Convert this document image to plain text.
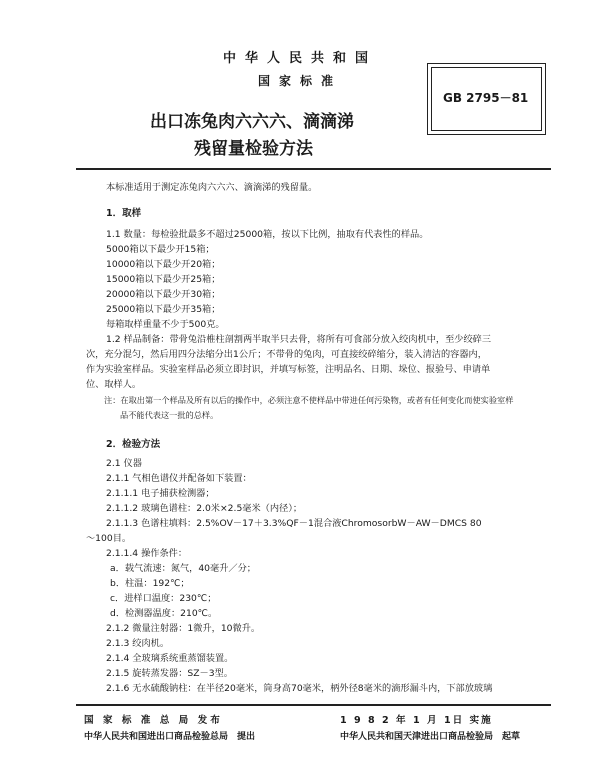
中华人民共和国
国家标准
出口冻兔肉六六六、滴滴涕
残留量检验方法
GB 2795－81
本标准适用于测定冻兔肉六六六、滴滴涕的残留量。
1．取样
1.1 数量：每检验批最多不超过25000箱，按以下比例，抽取有代表性的样品。
5000箱以下最少开15箱；
10000箱以下最少开20箱；
15000箱以下最少开25箱；
20000箱以下最少开30箱；
25000箱以下最少开35箱；
每箱取样重量不少于500克。
1.2 样品制备：带骨兔沿椎柱剖割两半取半只去骨，将所有可食部分放入绞肉机中，至少绞碎三
次，充分混匀，然后用四分法缩分出1公斤；不带骨的兔肉，可直接绞碎缩分，装入清洁的容器内，
作为实验室样品。实验室样品必须立即封识，并填写标签，注明品名、日期、垛位、报验号、申请单
位、取样人。
注：在取出第一个样品及所有以后的操作中，必须注意不使样品中带进任何污染物，或者有任何变化而使实验室样
品不能代表这一批的总样。
2．检验方法
2.1 仪器
2.1.1 气相色谱仪并配备如下装置：
2.1.1.1 电子捕获检测器；
2.1.1.2 玻璃色谱柱：2.0米×2.5毫米（内径）；
2.1.1.3 色谱柱填料：2.5%OV－17＋3.3%QF－1混合液ChromosorbW－AW－DMCS 80
～100目。
2.1.1.4 操作条件：
a．载气流速：氮气，40毫升／分；
b．柱温：192℃；
c．进样口温度：230℃；
d．检测器温度：210℃。
2.1.2 微量注射器：1微升，10微升。
2.1.3 绞肉机。
2.1.4 全玻璃系统重蒸馏装置。
2.1.5 旋转蒸发器：SZ－3型。
2.1.6 无水硫酸钠柱：在半径20毫米，筒身高70毫米，柄外径8毫米的滴形漏斗内，下部放玻璃
国 家 标 准 总 局 发布	1 9 8 2 年 1 月 1日 实施
中华人民共和国进出口商品检验总局　提出	中华人民共和国天津进出口商品检验局　起草
